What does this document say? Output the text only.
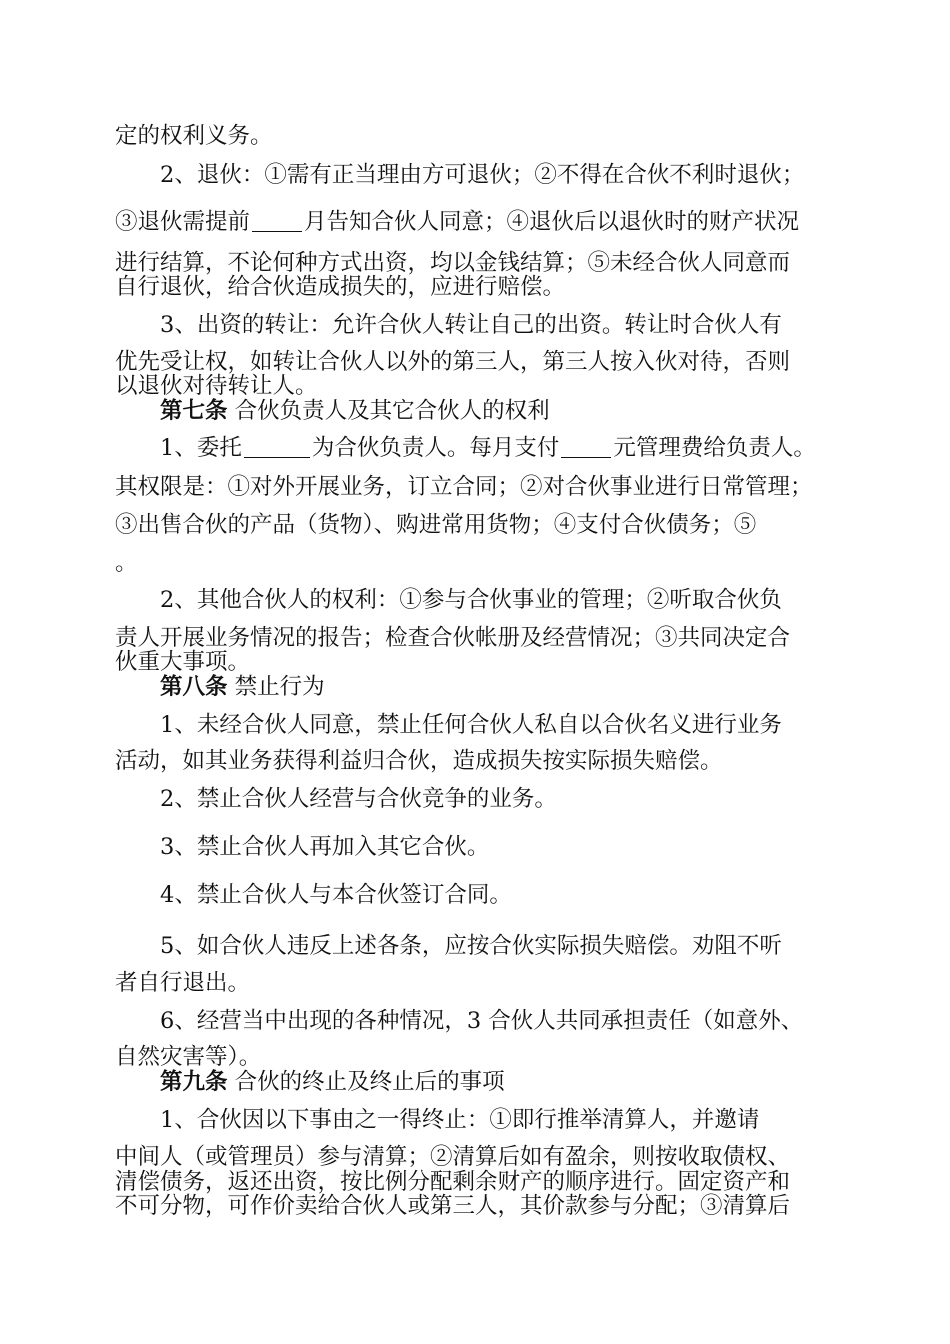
定的权利义务。
2、退伙：①需有正当理由方可退伙；②不得在合伙不利时退伙；
③退伙需提前 月告知合伙人同意；④退伙后以退伙时的财产状况
进行结算，不论何种方式出资，均以金钱结算；⑤未经合伙人同意而
自行退伙，给合伙造成损失的，应进行赔偿。
3、出资的转让：允许合伙人转让自己的出资。转让时合伙人有
优先受让权，如转让合伙人以外的第三人，第三人按入伙对待，否则
以退伙对待转让人。
第七条 合伙负责人及其它合伙人的权利
1、委托	为合伙负责人。每月支付 元管理费给负责人。
其权限是：①对外开展业务，订立合同；②对合伙事业进行日常管理；
③出售合伙的产品（货物）、购进常用货物；④支付合伙债务；⑤
。
2、其他合伙人的权利：①参与合伙事业的管理；②听取合伙负
责人开展业务情况的报告；检查合伙帐册及经营情况；③共同决定合
伙重大事项。
第八条 禁止行为
1、未经合伙人同意，禁止任何合伙人私自以合伙名义进行业务
活动，如其业务获得利益归合伙，造成损失按实际损失赔偿。
2、禁止合伙人经营与合伙竞争的业务。
3、禁止合伙人再加入其它合伙。
4、禁止合伙人与本合伙签订合同。
5、如合伙人违反上述各条，应按合伙实际损失赔偿。劝阻不听
者自行退出。
6、经营当中出现的各种情况，3 合伙人共同承担责任（如意外、
自然灾害等）。
第九条 合伙的终止及终止后的事项
1、合伙因以下事由之一得终止：①即行推举清算人，并邀请
中间人（或管理员）参与清算；②清算后如有盈余，则按收取债权、
清偿债务，返还出资，按比例分配剩余财产的顺序进行。固定资产和
不可分物，可作价卖给合伙人或第三人，其价款参与分配；③清算后
